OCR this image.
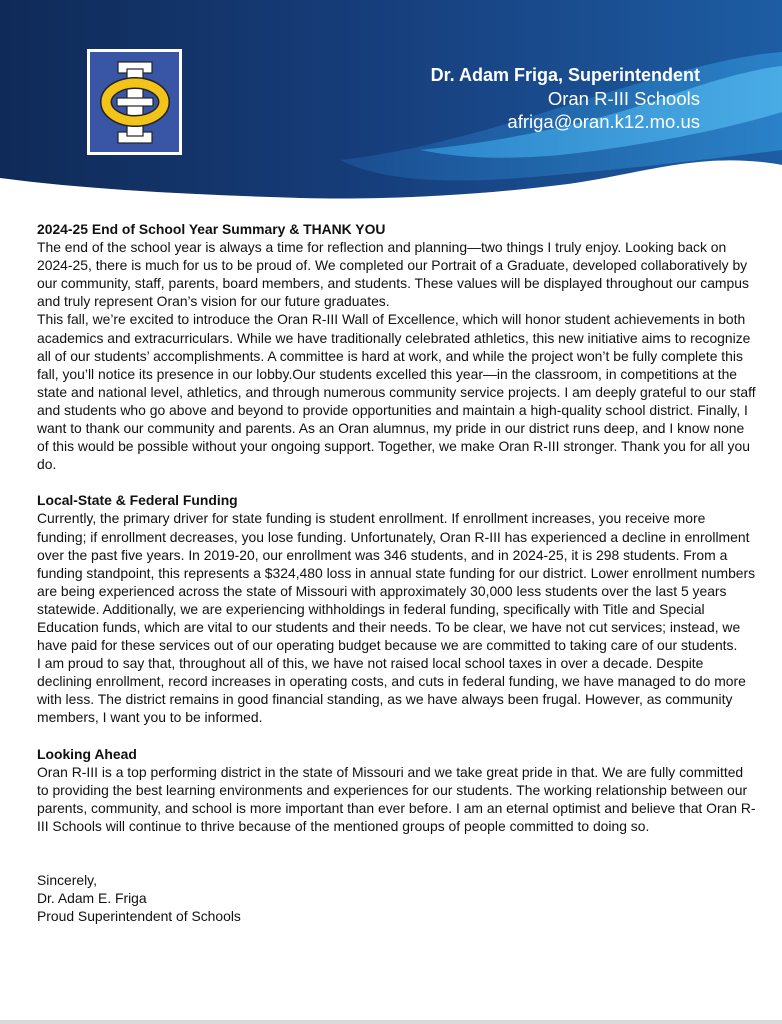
Dr. Adam Friga, Superintendent
Oran R-III Schools
afriga@oran.k12.mo.us

2024-25 End of School Year Summary & THANK YOU

The end of the school year is always a time for reflection and planning—two things I truly enjoy. Looking back on 2024-25, there is much for us to be proud of. We completed our Portrait of a Graduate, developed collaboratively by our community, staff, parents, board members, and students. These values will be displayed throughout our campus and truly represent Oran’s vision for our future graduates.

This fall, we’re excited to introduce the Oran R-III Wall of Excellence, which will honor student achievements in both academics and extracurriculars. While we have traditionally celebrated athletics, this new initiative aims to recognize all of our students’ accomplishments. A committee is hard at work, and while the project won’t be fully complete this fall, you’ll notice its presence in our lobby.Our students excelled this year—in the classroom, in competitions at the state and national level, athletics, and through numerous community service projects. I am deeply grateful to our staff and students who go above and beyond to provide opportunities and maintain a high-quality school district. Finally, I want to thank our community and parents. As an Oran alumnus, my pride in our district runs deep, and I know none of this would be possible without your ongoing support. Together, we make Oran R-III stronger. Thank you for all you do.

Local-State & Federal Funding

Currently, the primary driver for state funding is student enrollment. If enrollment increases, you receive more funding; if enrollment decreases, you lose funding. Unfortunately, Oran R-III has experienced a decline in enrollment over the past five years. In 2019-20, our enrollment was 346 students, and in 2024-25, it is 298 students. From a funding standpoint, this represents a $324,480 loss in annual state funding for our district. Lower enrollment numbers are being experienced across the state of Missouri with approximately 30,000 less students over the last 5 years statewide. Additionally, we are experiencing withholdings in federal funding, specifically with Title and Special Education funds, which are vital to our students and their needs. To be clear, we have not cut services; instead, we have paid for these services out of our operating budget because we are committed to taking care of our students.

I am proud to say that, throughout all of this, we have not raised local school taxes in over a decade. Despite declining enrollment, record increases in operating costs, and cuts in federal funding, we have managed to do more with less. The district remains in good financial standing, as we have always been frugal. However, as community members, I want you to be informed.

Looking Ahead

Oran R-III is a top performing district in the state of Missouri and we take great pride in that. We are fully committed to providing the best learning environments and experiences for our students. The working relationship between our parents, community, and school is more important than ever before. I am an eternal optimist and believe that Oran R-III Schools will continue to thrive because of the mentioned groups of people committed to doing so.

Sincerely,

Dr. Adam E. Friga

Proud Superintendent of Schools
